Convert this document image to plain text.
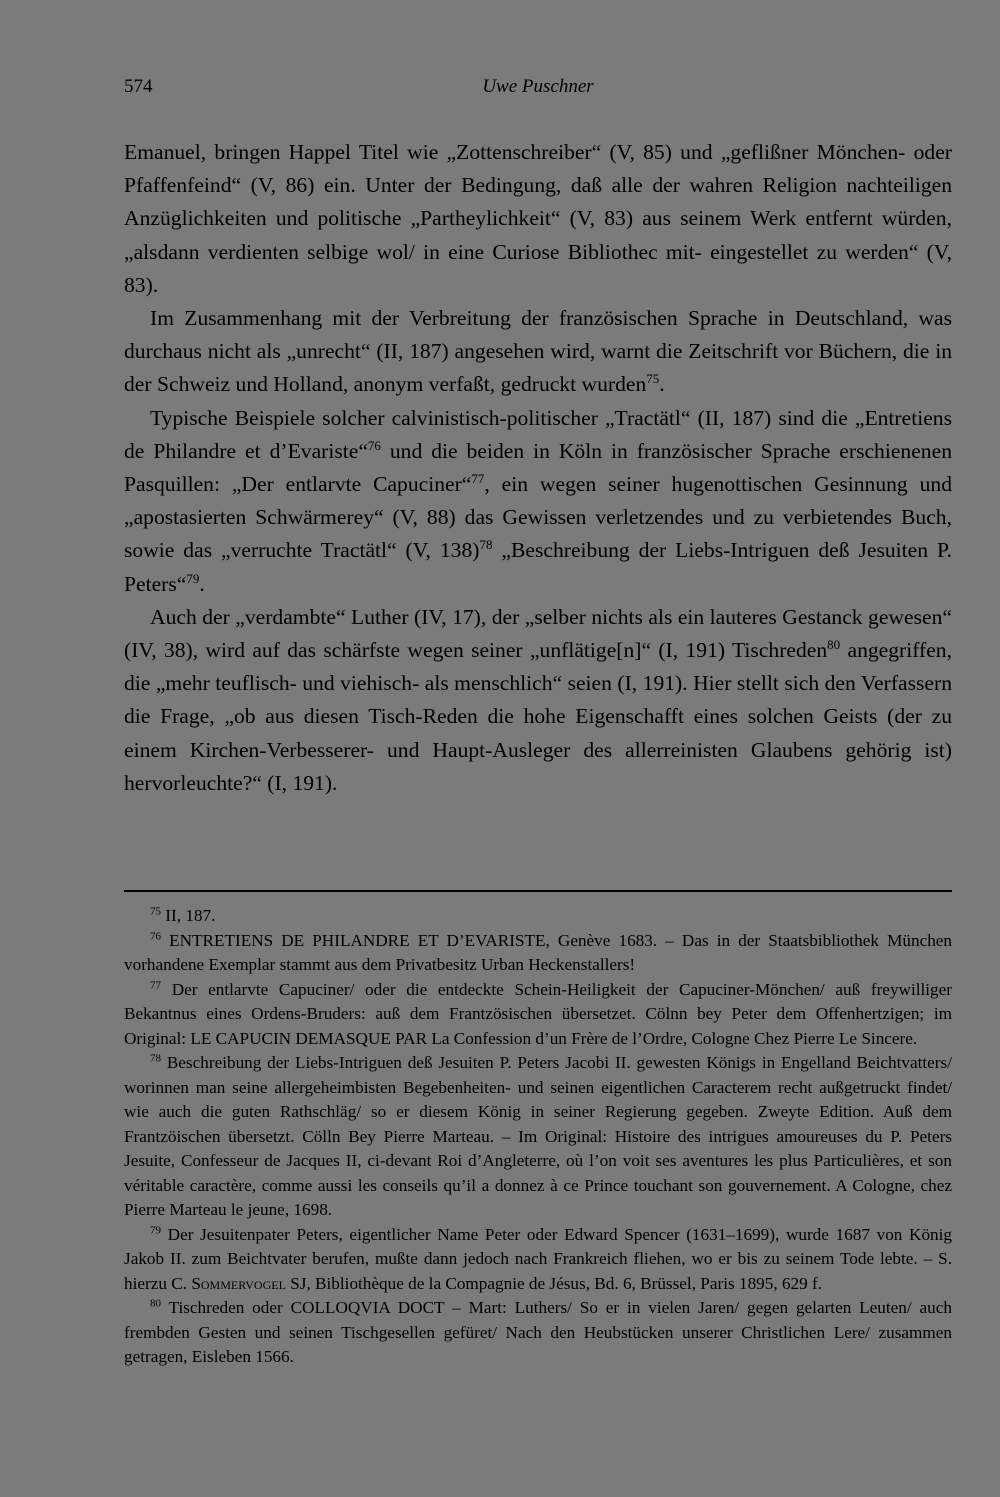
574	Uwe Puschner

Emanuel, bringen Happel Titel wie „Zottenschreiber“ (V, 85) und „geflißner Mönchen- oder Pfaffenfeind“ (V, 86) ein. Unter der Bedingung, daß alle der wahren Religion nachteiligen Anzüglichkeiten und politische „Partheylichkeit“ (V, 83) aus seinem Werk entfernt würden, „alsdann verdienten selbige wol/ in eine Curiose Bibliothec mit- eingestellet zu werden“ (V, 83).

Im Zusammenhang mit der Verbreitung der französischen Sprache in Deutschland, was durchaus nicht als „unrecht“ (II, 187) angesehen wird, warnt die Zeitschrift vor Büchern, die in der Schweiz und Holland, anonym verfaßt, gedruckt wurden$^{75}$.

Typische Beispiele solcher calvinistisch-politischer „Tractätl“ (II, 187) sind die „Entretiens de Philandre et d’Evariste“$^{76}$ und die beiden in Köln in französischer Sprache erschienenen Pasquillen: „Der entlarvte Capuciner“$^{77}$, ein wegen seiner hugenottischen Gesinnung und „apostasierten Schwärmerey“ (V, 88) das Gewissen verletzendes und zu verbietendes Buch, sowie das „verruchte Tractätl“ (V, 138)$^{78}$ „Beschreibung der Liebs-Intriguen deß Jesuiten P. Peters“$^{79}$.

Auch der „verdambte“ Luther (IV, 17), der „selber nichts als ein lauteres Gestanck gewesen“ (IV, 38), wird auf das schärfste wegen seiner „unflätige[n]“ (I, 191) Tischreden$^{80}$ angegriffen, die „mehr teuflisch- und viehisch- als menschlich“ seien (I, 191). Hier stellt sich den Verfassern die Frage, „ob aus diesen Tisch-Reden die hohe Eigenschafft eines solchen Geists (der zu einem Kirchen-Verbesserer- und Haupt-Ausleger des allerreinisten Glaubens gehörig ist) hervorleuchte?“ (I, 191).

$^{75}$ II, 187.

$^{76}$ ENTRETIENS DE PHILANDRE ET D’EVARISTE, Genève 1683. – Das in der Staatsbibliothek München vorhandene Exemplar stammt aus dem Privatbesitz Urban Heckenstallers!

$^{77}$ Der entlarvte Capuciner/ oder die entdeckte Schein-Heiligkeit der Capuciner-Mönchen/ auß freywilliger Bekantnus eines Ordens-Bruders: auß dem Frantzösischen übersetzet. Cölnn bey Peter dem Offenhertzigen; im Original: LE CAPUCIN DEMASQUE PAR La Confession d’un Frère de l’Ordre, Cologne Chez Pierre Le Sincere.

$^{78}$ Beschreibung der Liebs-Intriguen deß Jesuiten P. Peters Jacobi II. gewesten Königs in Engelland Beichtvatters/ worinnen man seine allergeheimbisten Begebenheiten- und seinen eigentlichen Caracterem recht außgetruckt findet/ wie auch die guten Rathschläg/ so er diesem König in seiner Regierung gegeben. Zweyte Edition. Auß dem Frantzöischen übersetzt. Cölln Bey Pierre Marteau. – Im Original: Histoire des intrigues amoureuses du P. Peters Jesuite, Confesseur de Jacques II, ci-devant Roi d’Angleterre, où l’on voit ses aventures les plus Particulières, et son véritable caractère, comme aussi les conseils qu’il a donnez à ce Prince touchant son gouvernement. A Cologne, chez Pierre Marteau le jeune, 1698.

$^{79}$ Der Jesuitenpater Peters, eigentlicher Name Peter oder Edward Spencer (1631–1699), wurde 1687 von König Jakob II. zum Beichtvater berufen, mußte dann jedoch nach Frankreich fliehen, wo er bis zu seinem Tode lebte. – S. hierzu C. Sommervogel SJ, Bibliothèque de la Compagnie de Jésus, Bd. 6, Brüssel, Paris 1895, 629 f.

$^{80}$ Tischreden oder COLLOQVIA DOCT – Mart: Luthers/ So er in vielen Jaren/ gegen gelarten Leuten/ auch frembden Gesten und seinen Tischgesellen gefüret/ Nach den Heubstücken unserer Christlichen Lere/ zusammen getragen, Eisleben 1566.
